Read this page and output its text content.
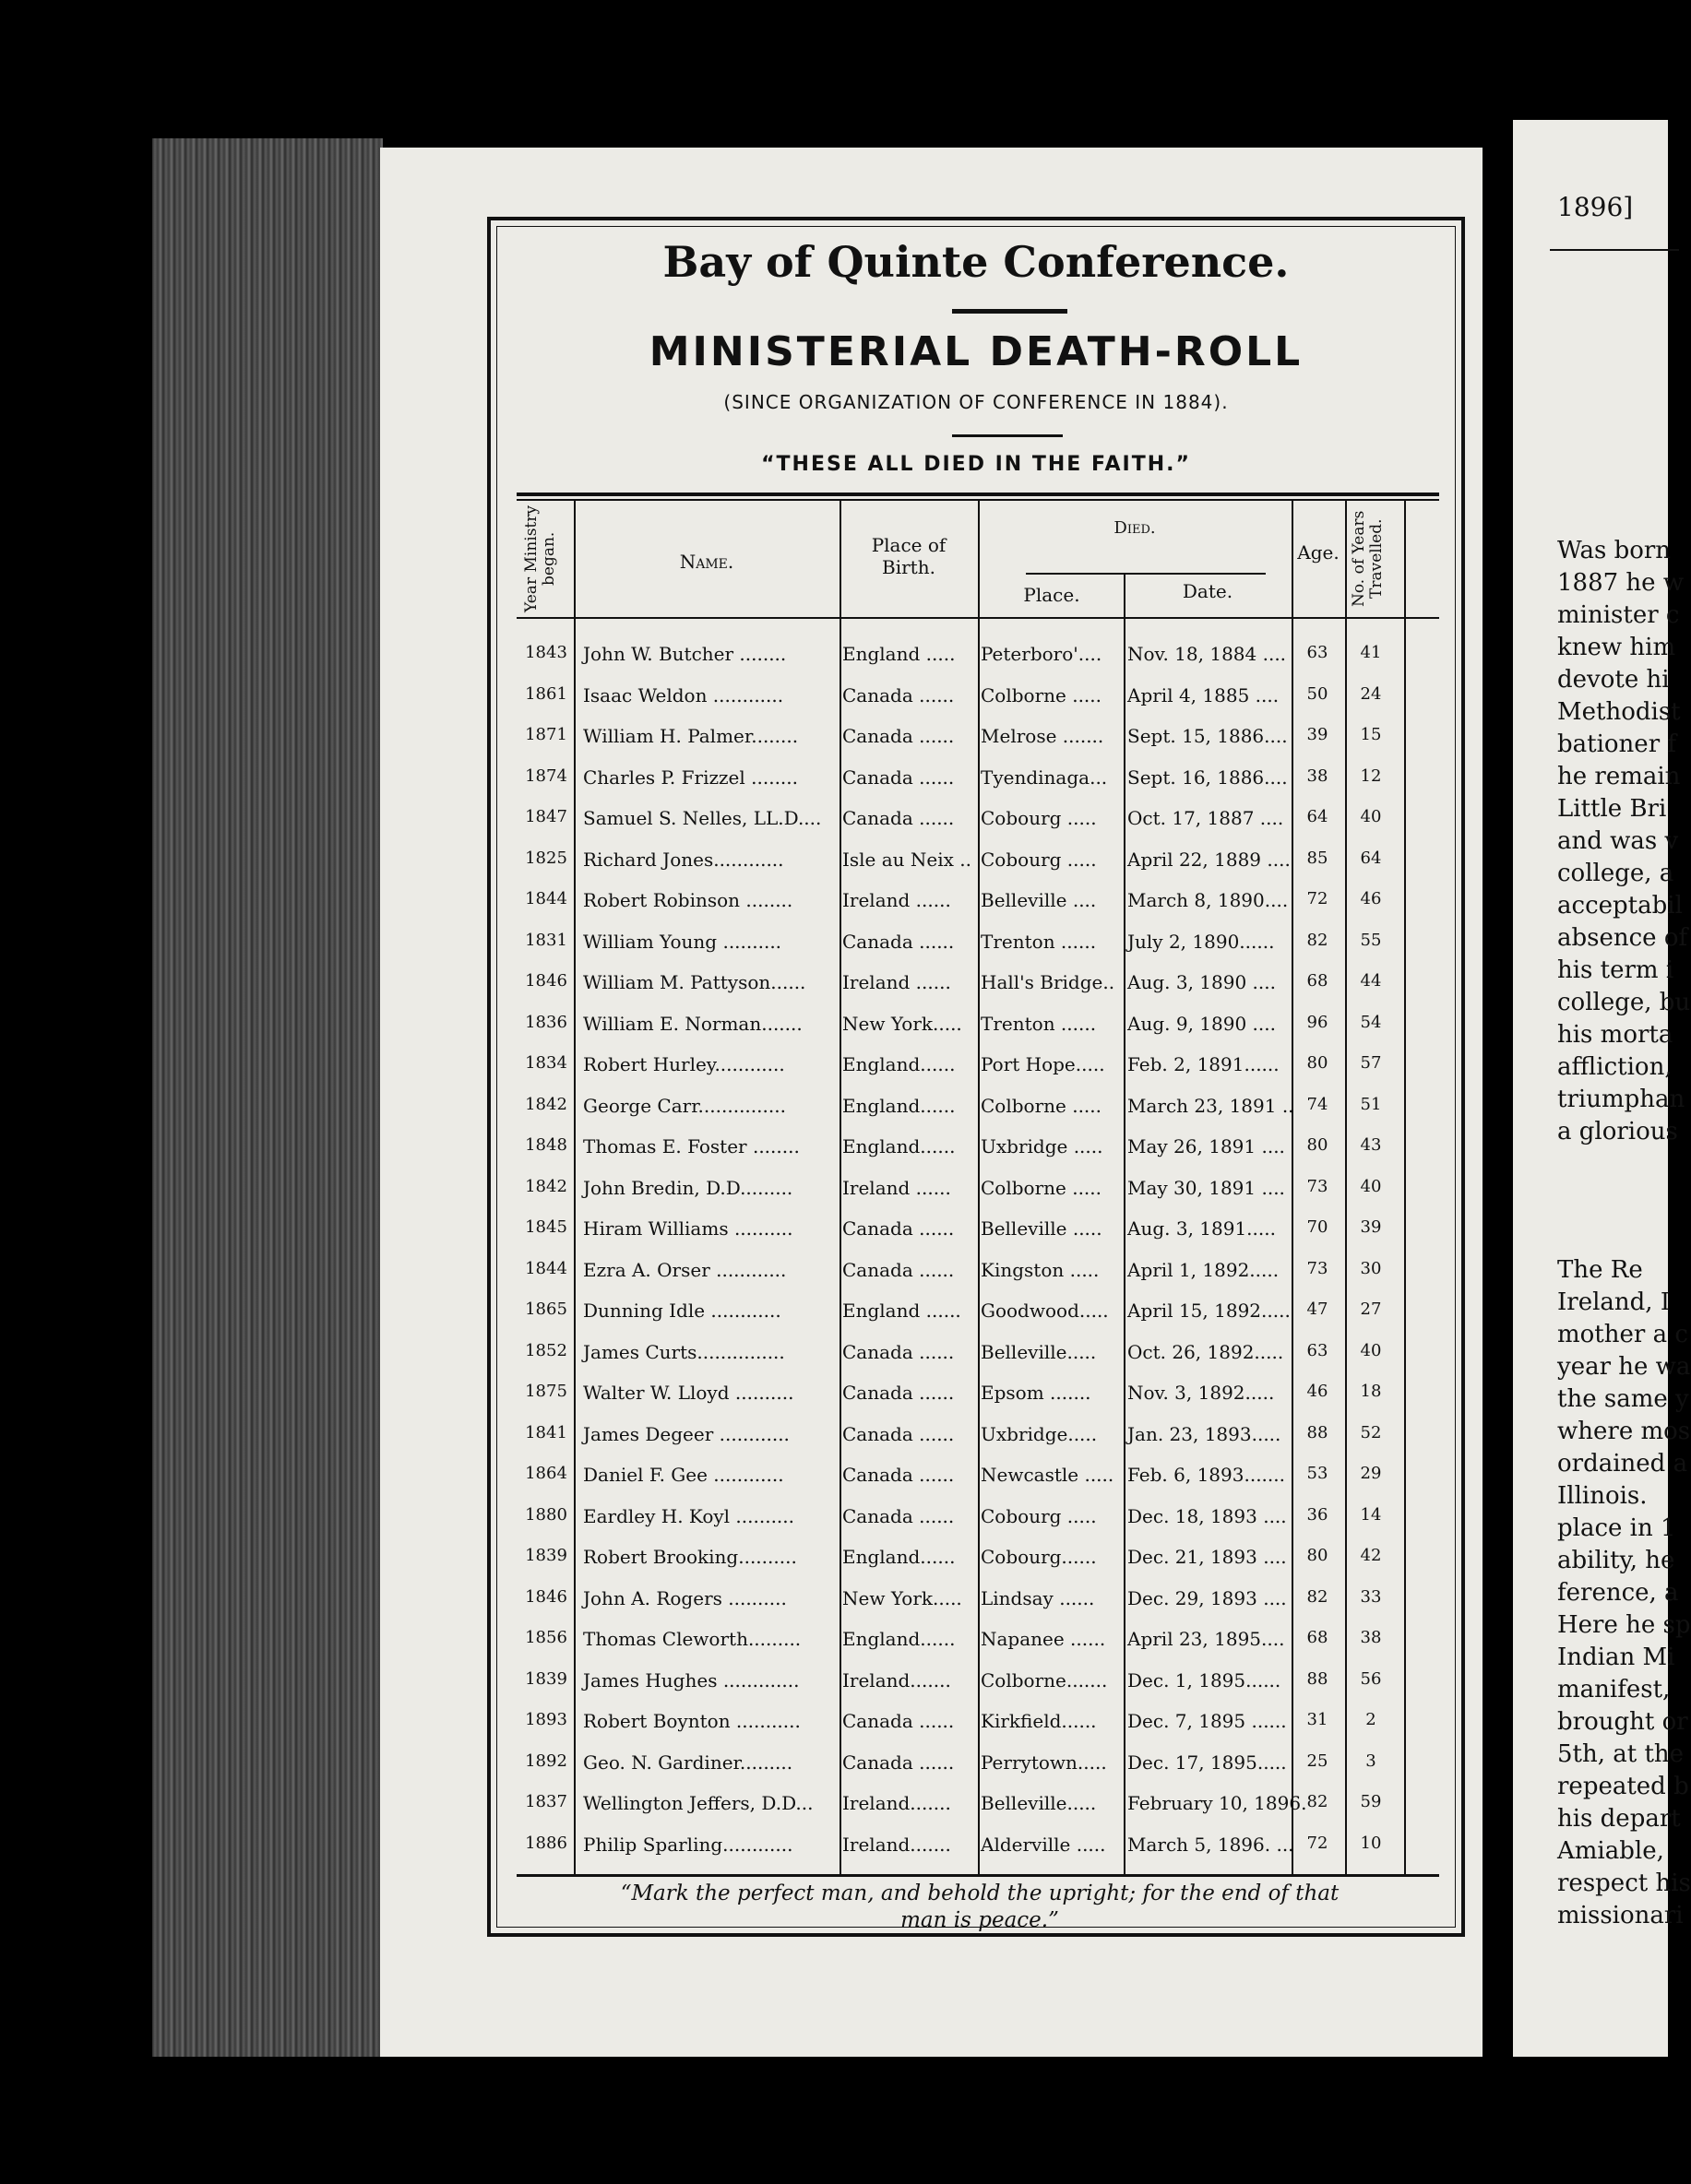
Bay of Quinte Conference.
MINISTERIAL DEATH-ROLL
(SINCE ORGANIZATION OF CONFERENCE IN 1884).
“THESE ALL DIED IN THE FAITH.”
Year Ministry began.	Name.
Place of Birth.
Died.
Place.	Date.
Age. No. of Years Travelled.
1843 John W. Butcher ........	England .....	Peterboro'....	Nov. 18, 1884 ....	63	41
1861 Isaac Weldon ............	Canada ......	Colborne .....	April 4, 1885 ....	50	24
1871 William H. Palmer........	Canada ......	Melrose .......	Sept. 15, 1886....	39	15
1874 Charles P. Frizzel ........	Canada ......	Tyendinaga...	Sept. 16, 1886....	38	12
1847 Samuel S. Nelles, LL.D....	Canada ......	Cobourg .....	Oct. 17, 1887 ....	64	40
1825 Richard Jones............	Isle au Neix .. Cobourg .....	April 22, 1889 .... 85	64
1844 Robert Robinson ........	Ireland ......	Belleville ....	March 8, 1890....	72	46
1831 William Young ..........	Canada ......	Trenton ......	July 2, 1890......	82	55
1846 William M. Pattyson......	Ireland ......	Hall's Bridge.. Aug. 3, 1890 ....	68	44
1836 William E. Norman.......	New York.....	Trenton ......	Aug. 9, 1890 ....	96	54
1834 Robert Hurley............	England......	Port Hope.....	Feb. 2, 1891......	80	57
1842 George Carr...............	England......	Colborne .....	March 23, 1891 .. 74	51
1848 Thomas E. Foster ........	England......	Uxbridge .....	May 26, 1891 ....	80	43
1842 John Bredin, D.D.........	Ireland ......	Colborne .....	May 30, 1891 ....	73	40
1845 Hiram Williams ..........	Canada ......	Belleville .....	Aug. 3, 1891.....	70	39
1844 Ezra A. Orser ............	Canada ......	Kingston .....	April 1, 1892.....	73	30
1865 Dunning Idle ............	England ......	Goodwood.....	April 15, 1892..... 47	27
1852 James Curts...............	Canada ......	Belleville.....	Oct. 26, 1892.....	63	40
1875 Walter W. Lloyd ..........	Canada ......	Epsom .......	Nov. 3, 1892.....	46	18
1841 James Degeer ............	Canada ......	Uxbridge.....	Jan. 23, 1893.....	88	52
1864 Daniel F. Gee ............	Canada ......	Newcastle ..... Feb. 6, 1893.......	53	29
1880 Eardley H. Koyl ..........	Canada ......	Cobourg .....	Dec. 18, 1893 ....	36	14
1839 Robert Brooking..........	England......	Cobourg......	Dec. 21, 1893 ....	80	42
1846 John A. Rogers ..........	New York.....	Lindsay ......	Dec. 29, 1893 ....	82	33
1856 Thomas Cleworth.........	England......	Napanee ......	April 23, 1895....	68	38
1839 James Hughes .............	Ireland.......	Colborne.......	Dec. 1, 1895......	88	56
1893 Robert Boynton ...........	Canada ......	Kirkfield......	Dec. 7, 1895 ......	31	2
1892 Geo. N. Gardiner.........	Canada ......	Perrytown.....	Dec. 17, 1895.....	25	3
1837 Wellington Jeffers, D.D...	Ireland.......	Belleville.....	February 10, 1896. 82	59
1886 Philip Sparling............	Ireland.......	Alderville .....	March 5, 1896. ... 72	10
“Mark the perfect man, and behold the upright; for the end of that
man is peace.”
1896]
Was born
1887 he w
minister c
knew him
devote hi
Methodist
bationer f
he remain
Little Bri
and was v
college, a
acceptabil
absence of
his term i
college, bu
his morta
affliction,
triumphan
a glorious
The Re
Ireland, I
mother a c
year he wa
the same y
where mos
ordained a
Illinois.
place in 1
ability, he
ference, a
Here he sp
Indian Mi
manifest,
brought or
5th, at the
repeated b
his depart
Amiable,
respect his
missionari
